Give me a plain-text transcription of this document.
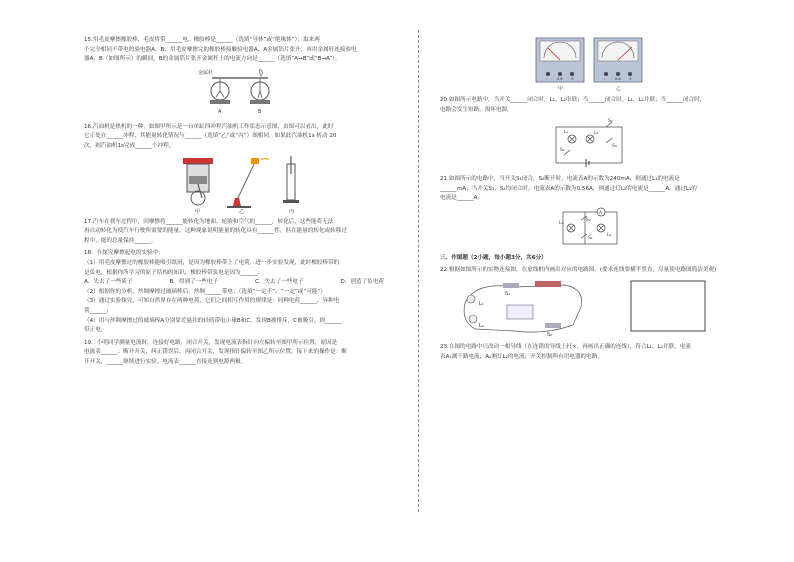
15.用毛皮摩擦橡胶棒，毛皮将带______电，橡胶棒是______（选填“导体”或“绝缘体”）；取来两
个完全相同不带电的验电器A，B，用毛皮摩擦完的橡胶棒接触验电器A，A金属箔片张开，再用金属杆连接验电
器A，B（如图所示）的瞬间，B的金属箔片张开金属杆上的电流方向是______（选填“A→B”或“B→A”）。
金属杆
A	B
16.汽油机是热机的一种，如图甲所示是一台单缸四冲程汽油机工作状态示意图，由图可以看出，此时
它正处在______冲程，其能量转化情况与______（选填“乙”或“丙”）图相同，如果此汽油机1s 转动 20
次，则汽油机1s完成______个冲程。
甲	乙	丙
17.汽车在刹车过程中，因摩擦将______能转化为地面、轮胎和空气的______，转化后，这些能将无法
再自动转化为使汽车行驶所需要的能量，这种现象说明能量的转化具有______性，但在能量的转化或转移过
程中，能的总量保持______。
18．在探究摩擦起电的实验中：
（1）用毛皮摩擦过的橡胶棒能吸引纸屑，是因为橡胶棒带上了电荷，进一步实验发现，此时橡胶棒带的
是负电，根据你所学习的原子结构的知识，橡胶棒带负电是因为______；
A．失去了一些质子	B．得到了一些电子	C．失去了一些电子	D．创造了负电荷
（2）根据你的分析，丝绸摩擦过玻璃棒后，丝绸______带电；（选填“一定不”、“一定”或“可能”）
（3）通过实验探究，可知自然界存在两种电荷，它们之间相互作用的规律是：同种电荷______，异种电
荷______；
（4）用与丝绸摩擦过的玻璃棒A分别靠近悬挂的轻质带电小球B和C，发现B被排斥，C被吸引，则______
带正电。
19．小明同学测量电流时，连接好电路，闭合开关，发现电流表指针向左偏转至图甲所示位置，原因是
电流表______；断开开关，纠正错误后，再闭合开关，发现指针偏转至图乙所示位置，接下来的操作是：断
开开关，______继续进行实验。电流表______直接连到电源两极。
-	0.6 3	-	0.6 3
甲	乙
20.如图所示电路中，当开关______闭合时，L₁、L₂串联；当______闭合时，L₁、L₂并联；当______闭合时，
电路会发生短路，损坏电源。
S₂
L₁	L₂
S₃
S₁
21.如图所示的电路中，当开关S₁闭合，S₂断开时，电流表A的示数为240mA，则通过L₁的电流是
______mA；当开关S₁、S₂均闭合时，电流表A的示数为0.56A，则通过灯L₂的电流是______A，通过L₁的
电流是______A。
L₁
S₂
A
L₂
S₁
三、作图题（2小题，每小题3分，共6分）
22.根据如图所示的实物连接图，在虚线框内画出对应的电路图。(要求连线要横平竖直，尽量使电路图简洁美观)
S₁
L₁
L₂
S₂
23.在图的电路中只改动一根导线（在连错的导线上打×，再画出正确的连线），符合L₁、L₂并联，电流
表A₁测干路电流，A₂测灯L₂的电流，开关控制所有用电器的电路。
